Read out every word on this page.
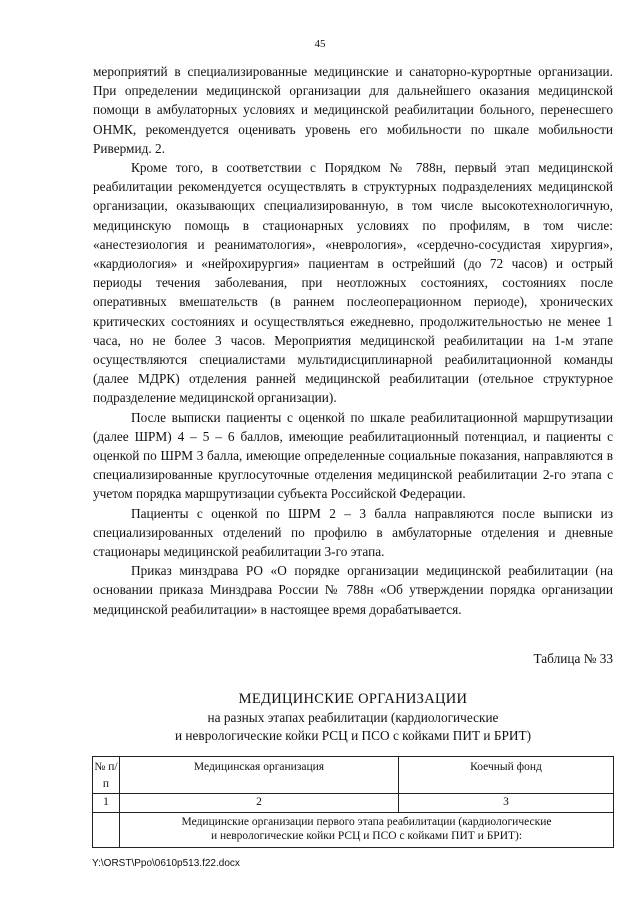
45

мероприятий в специализированные медицинские и санаторно-курортные организации. При определении медицинской организации для дальнейшего оказания медицинской помощи в амбулаторных условиях и медицинской реабилитации больного, перенесшего ОНМК, рекомендуется оценивать уровень его мобильности по шкале мобильности Ривермид. 2.

Кроме того, в соответствии с Порядком № 788н, первый этап медицинской реабилитации рекомендуется осуществлять в структурных подразделениях медицинской организации, оказывающих специализированную, в том числе высокотехнологичную, медицинскую помощь в стационарных условиях по профилям, в том числе: «анестезиология и реаниматология», «неврология», «сердечно-сосудистая хирургия», «кардиология» и «нейрохирургия» пациентам в острейший (до 72 часов) и острый периоды течения заболевания, при неотложных состояниях, состояниях после оперативных вмешательств (в раннем послеоперационном периоде), хронических критических состояниях и осуществляться ежедневно, продолжительностью не менее 1 часа, но не более 3 часов. Мероприятия медицинской реабилитации на 1-м этапе осуществляются специалистами мультидисциплинарной реабилитационной команды (далее МДРК) отделения ранней медицинской реабилитации (отельное структурное подразделение медицинской организации).

После выписки пациенты с оценкой по шкале реабилитационной маршрутизации (далее ШРМ) 4 – 5 – 6 баллов, имеющие реабилитационный потенциал, и пациенты с оценкой по ШРМ 3 балла, имеющие определенные социальные показания, направляются в специализированные круглосуточные отделения медицинской реабилитации 2-го этапа с учетом порядка маршрутизации субъекта Российской Федерации.

Пациенты с оценкой по ШРМ 2 – 3 балла направляются после выписки из специализированных отделений по профилю в амбулаторные отделения и дневные стационары медицинской реабилитации 3-го этапа.

Приказ минздрава РО «О порядке организации медицинской реабилитации (на основании приказа Минздрава России № 788н «Об утверждении порядка организации медицинской реабилитации» в настоящее время дорабатывается.

Таблица № 33
МЕДИЦИНСКИЕ ОРГАНИЗАЦИИ
на разных этапах реабилитации (кардиологические
и неврологические койки РСЦ и ПСО с койками ПИТ и БРИТ)
№ п/п	Медицинская организация	Коечный фонд
1	2	3

	Медицинские организации первого этапа реабилитации (кардиологические
и неврологические койки РСЦ и ПСО с койками ПИТ и БРИТ):	
Y:\ORST\Ppo\0610p513.f22.docx
